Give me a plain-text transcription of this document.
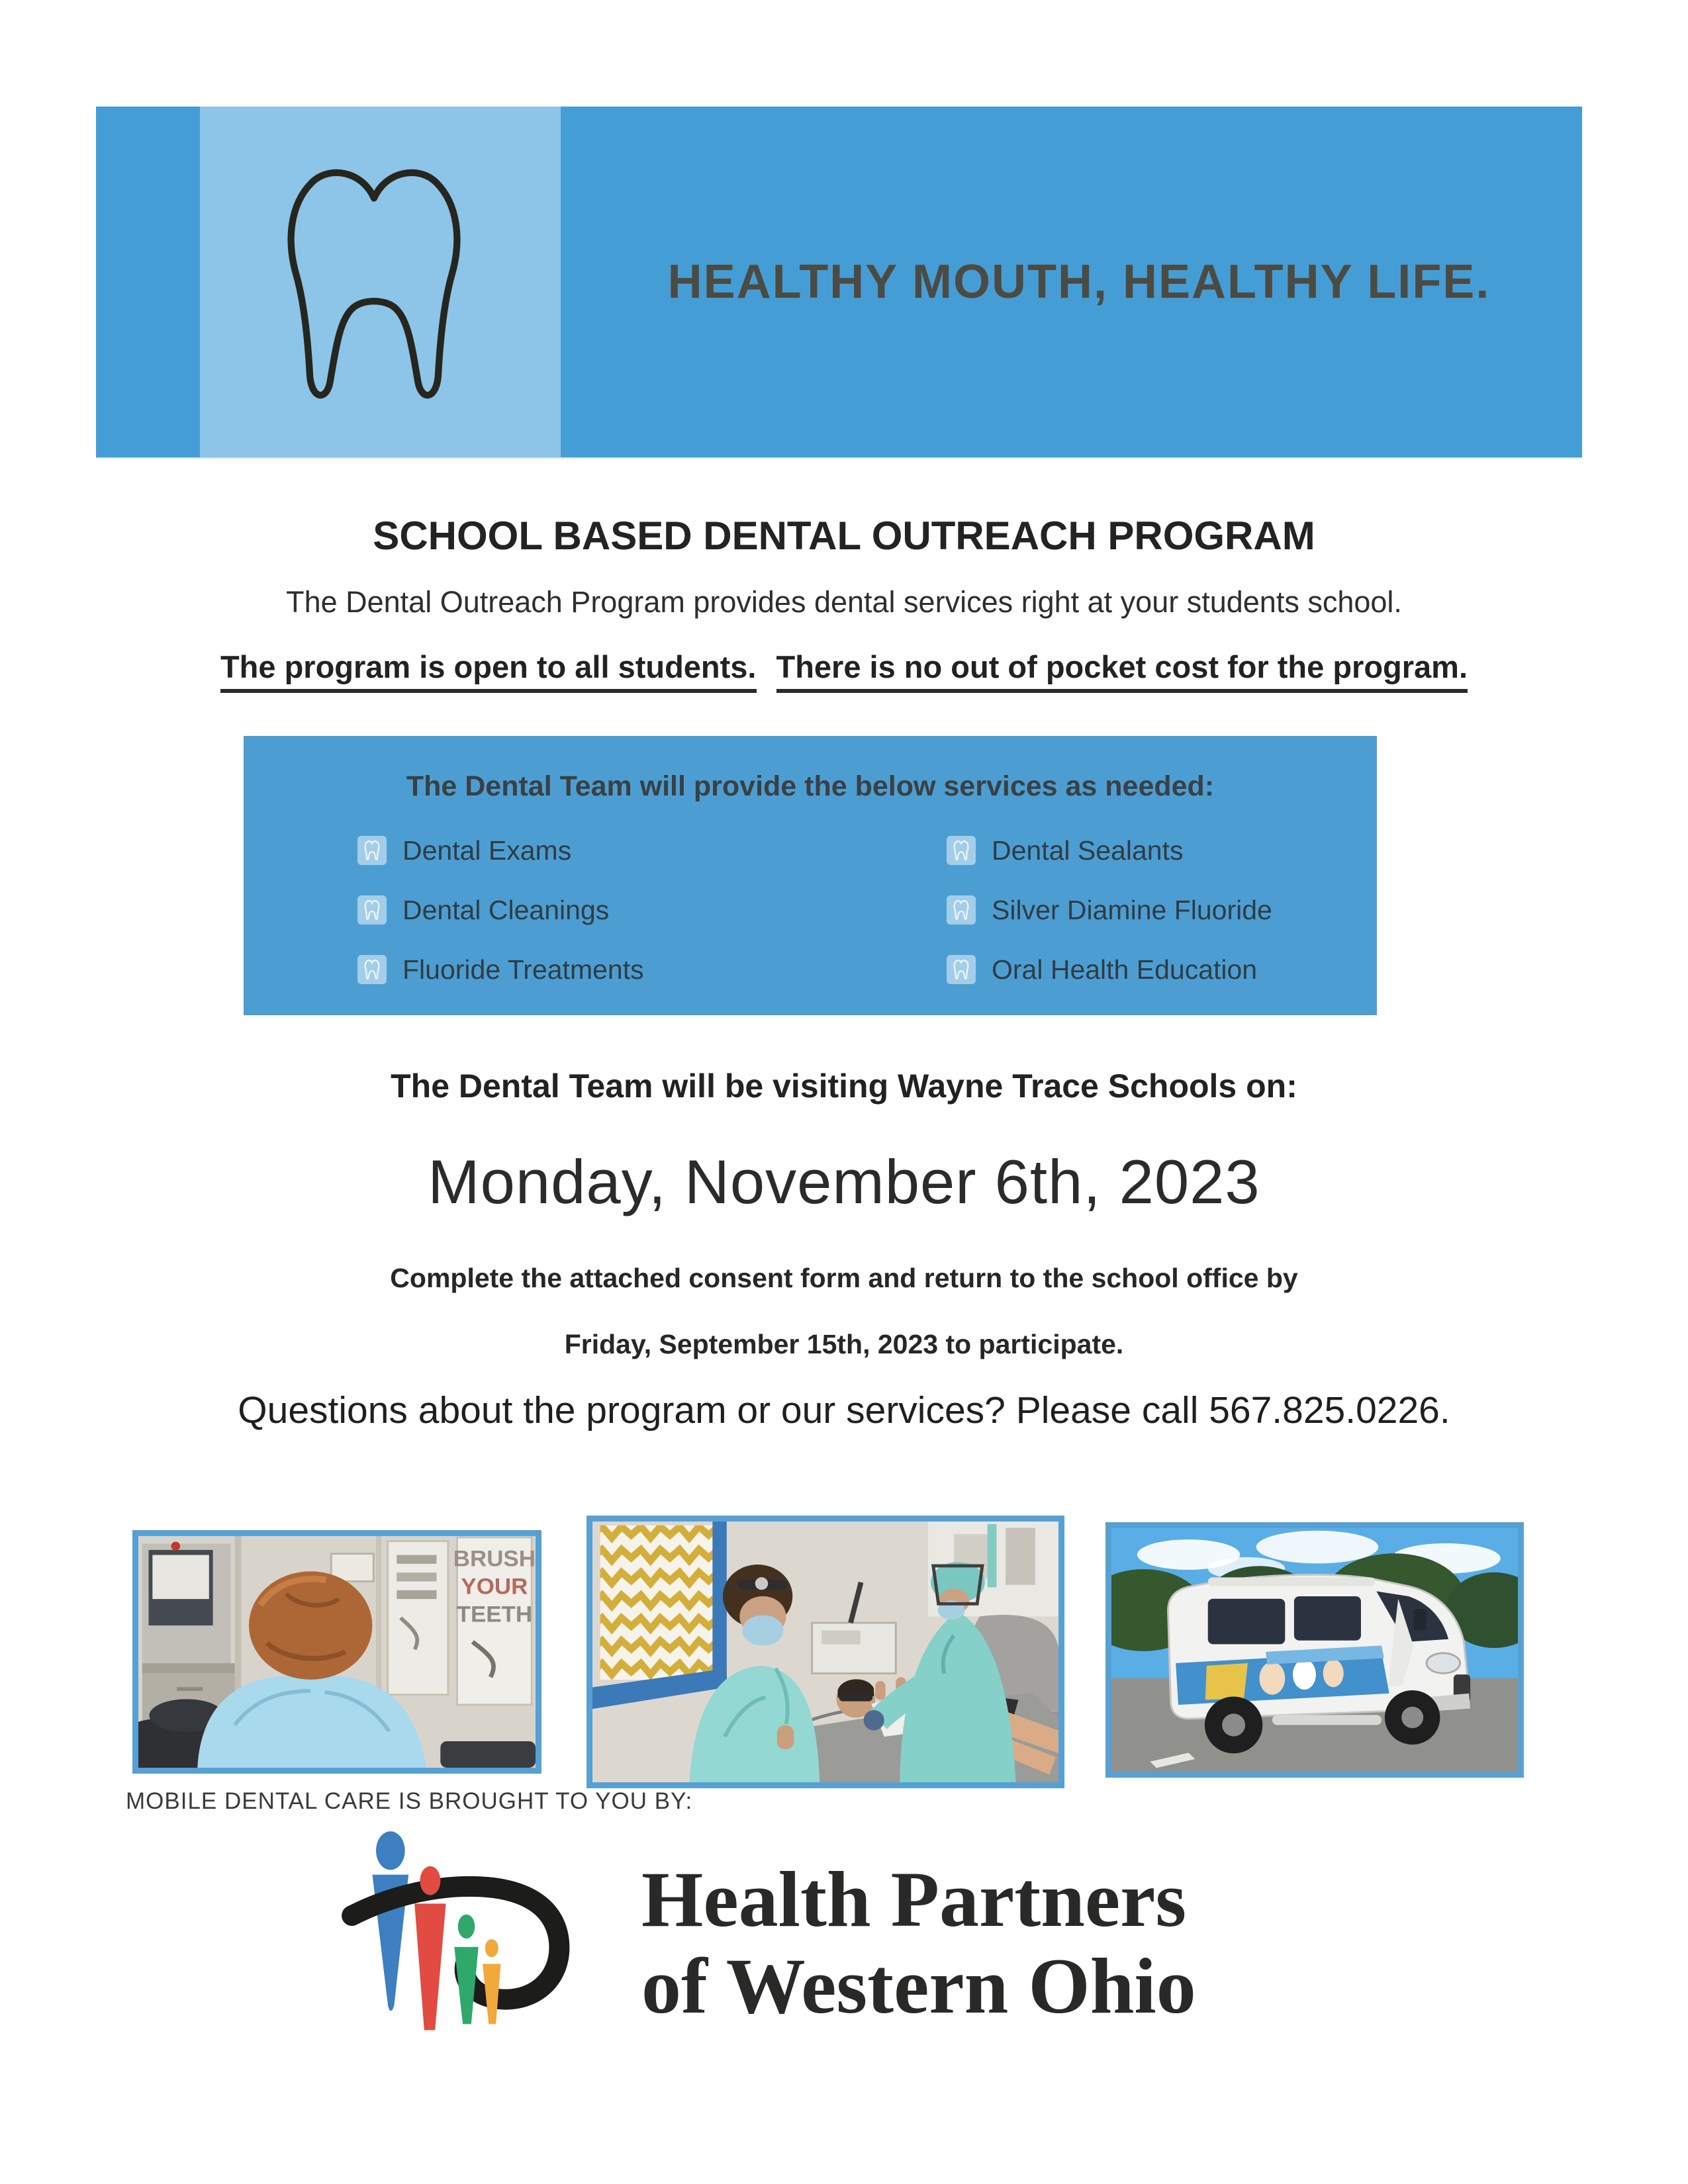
HEALTHY MOUTH, HEALTHY LIFE.
SCHOOL BASED DENTAL OUTREACH PROGRAM
The Dental Outreach Program provides dental services right at your students school.
The program is open to all students. There is no out of pocket cost for the program.
The Dental Team will provide the below services as needed:
Dental Exams
Dental Cleanings
Fluoride Treatments
Dental Sealants
Silver Diamine Fluoride
Oral Health Education
The Dental Team will be visiting Wayne Trace Schools on:
Monday, November 6th, 2023
Complete the attached consent form and return to the school office by
Friday, September 15th, 2023 to participate.
Questions about the program or our services? Please call 567.825.0226.
BRUSH
YOUR
TEETH
MOBILE DENTAL CARE IS BROUGHT TO YOU BY:
Health Partners
of Western Ohio
